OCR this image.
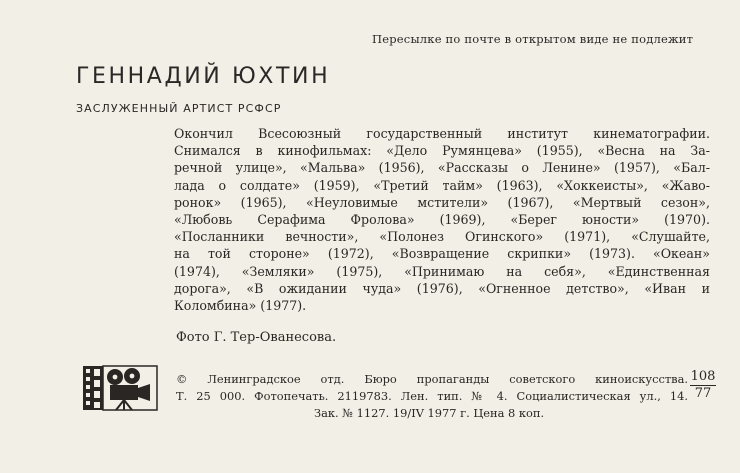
Пересылке по почте в открытом виде не подлежит
ГЕННАДИЙ ЮХТИН
ЗАСЛУЖЕННЫЙ АРТИСТ РСФСР

Окончил Всесоюзный государственный институт кинематографии.
Снимался в кинофильмах: «Дело Румянцева» (1955), «Весна на За-
речной улице», «Мальва» (1956), «Рассказы о Ленине» (1957), «Бал-
лада о солдате» (1959), «Третий тайм» (1963), «Хоккеисты», «Жаво-
ронок» (1965), «Неуловимые мстители» (1967), «Мертвый сезон»,
«Любовь Серафима Фролова» (1969), «Берег юности» (1970).
«Посланники вечности», «Полонез Огинского» (1971), «Слушайте,
на той стороне» (1972), «Возвращение скрипки» (1973). «Океан»
(1974), «Земляки» (1975), «Принимаю на себя», «Единственная
дорога», «В ожидании чуда» (1976), «Огненное детство», «Иван и
Коломбина» (1977).

Фото Г. Тер-Ованесова.
© Ленинградское отд. Бюро пропаганды советского киноискусства.
Т. 25 000. Фотопечать. 2119783. Лен. тип. № 4. Социалистическая ул., 14.
Зак. № 1127. 19/IV 1977 г. Цена 8 коп.
108
77
